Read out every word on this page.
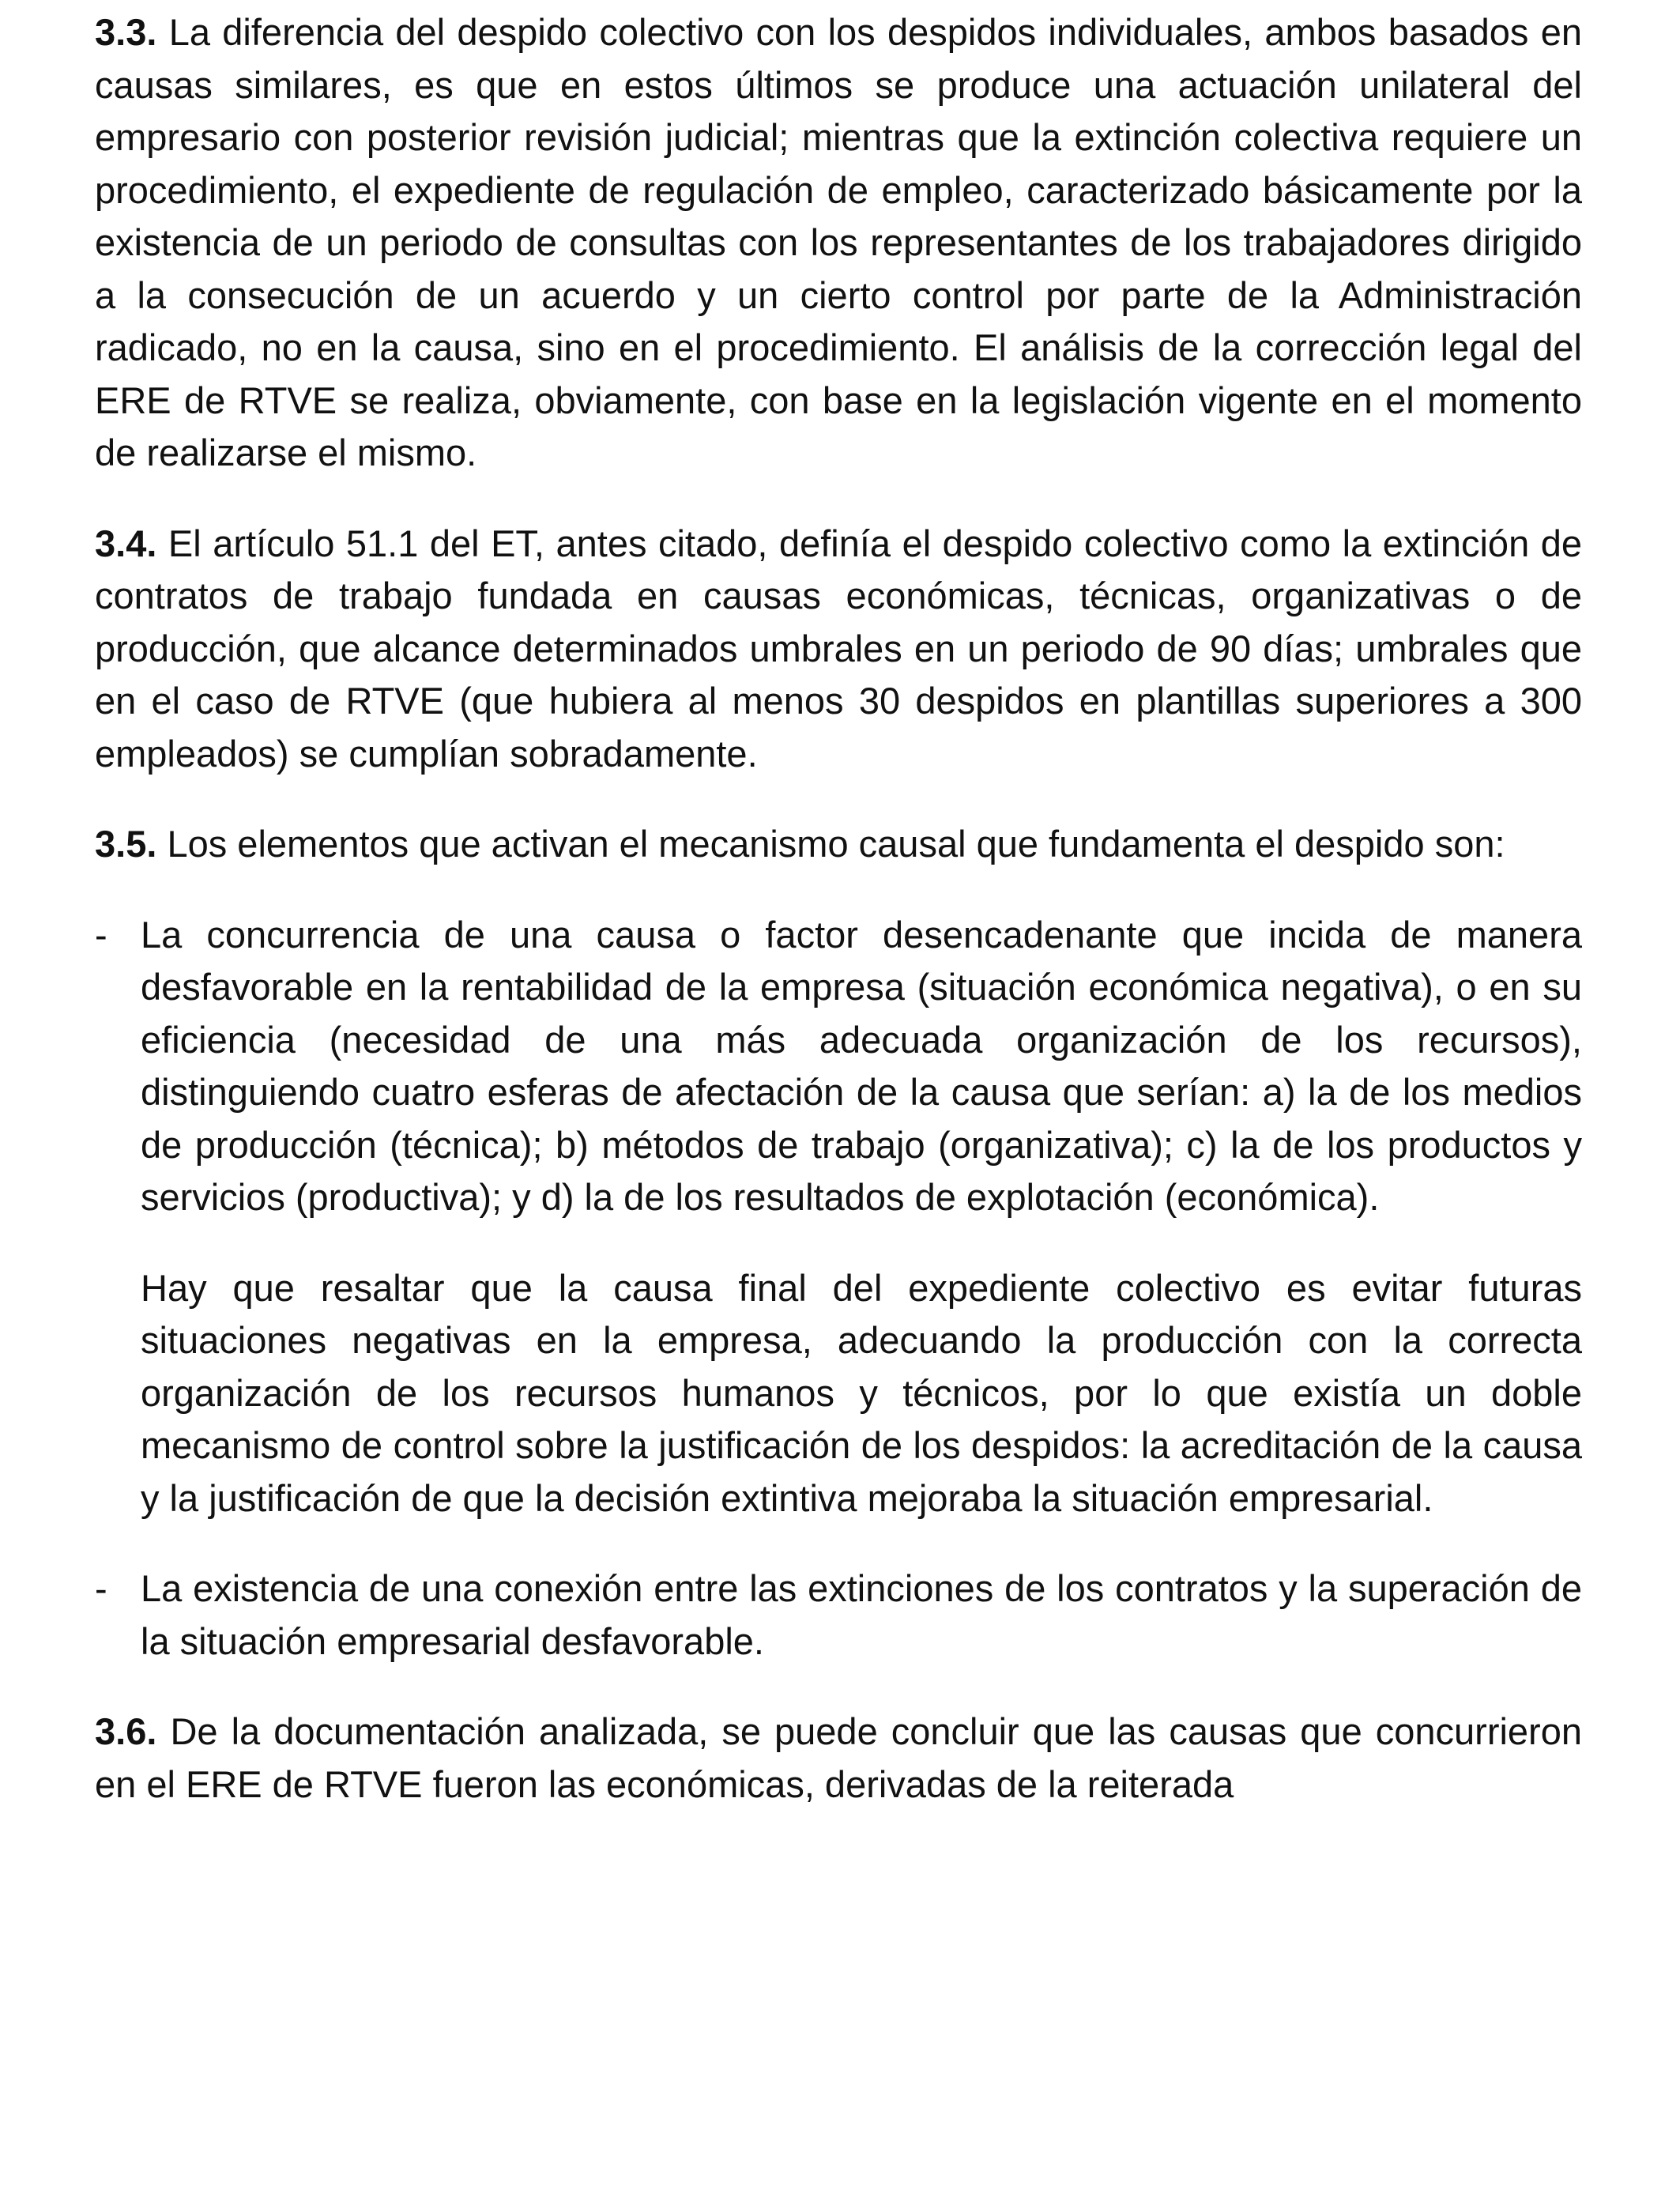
3.3. La diferencia del despido colectivo con los despidos individuales, ambos basados en causas similares, es que en estos últimos se produce una actuación unilateral del empresario con posterior revisión judicial; mientras que la extinción colectiva requiere un procedimiento, el expediente de regulación de empleo, caracterizado básicamente por la existencia de un periodo de consultas con los representantes de los trabajadores dirigido a la consecución de un acuerdo y un cierto control por parte de la Administración radicado, no en la causa, sino en el procedimiento. El análisis de la corrección legal del ERE de RTVE se realiza, obviamente, con base en la legislación vigente en el momento de realizarse el mismo.

3.4. El artículo 51.1 del ET, antes citado, definía el despido colectivo como la extinción de contratos de trabajo fundada en causas económicas, técnicas, organizativas o de producción, que alcance determinados umbrales en un periodo de 90 días; umbrales que en el caso de RTVE (que hubiera al menos 30 despidos en plantillas superiores a 300 empleados) se cumplían sobradamente.

3.5. Los elementos que activan el mecanismo causal que fundamenta el despido son:

- La concurrencia de una causa o factor desencadenante que incida de manera desfavorable en la rentabilidad de la empresa (situación económica negativa), o en su eficiencia (necesidad de una más adecuada organización de los recursos), distinguiendo cuatro esferas de afectación de la causa que serían: a) la de los medios de producción (técnica); b) métodos de trabajo (organizativa); c) la de los productos y servicios (productiva); y d) la de los resultados de explotación (económica).
Hay que resaltar que la causa final del expediente colectivo es evitar futuras situaciones negativas en la empresa, adecuando la producción con la correcta organización de los recursos humanos y técnicos, por lo que existía un doble mecanismo de control sobre la justificación de los despidos: la acreditación de la causa y la justificación de que la decisión extintiva mejoraba la situación empresarial.
- La existencia de una conexión entre las extinciones de los contratos y la superación de la situación empresarial desfavorable.

3.6. De la documentación analizada, se puede concluir que las causas que concurrieron en el ERE de RTVE fueron las económicas, derivadas de la reiterada
